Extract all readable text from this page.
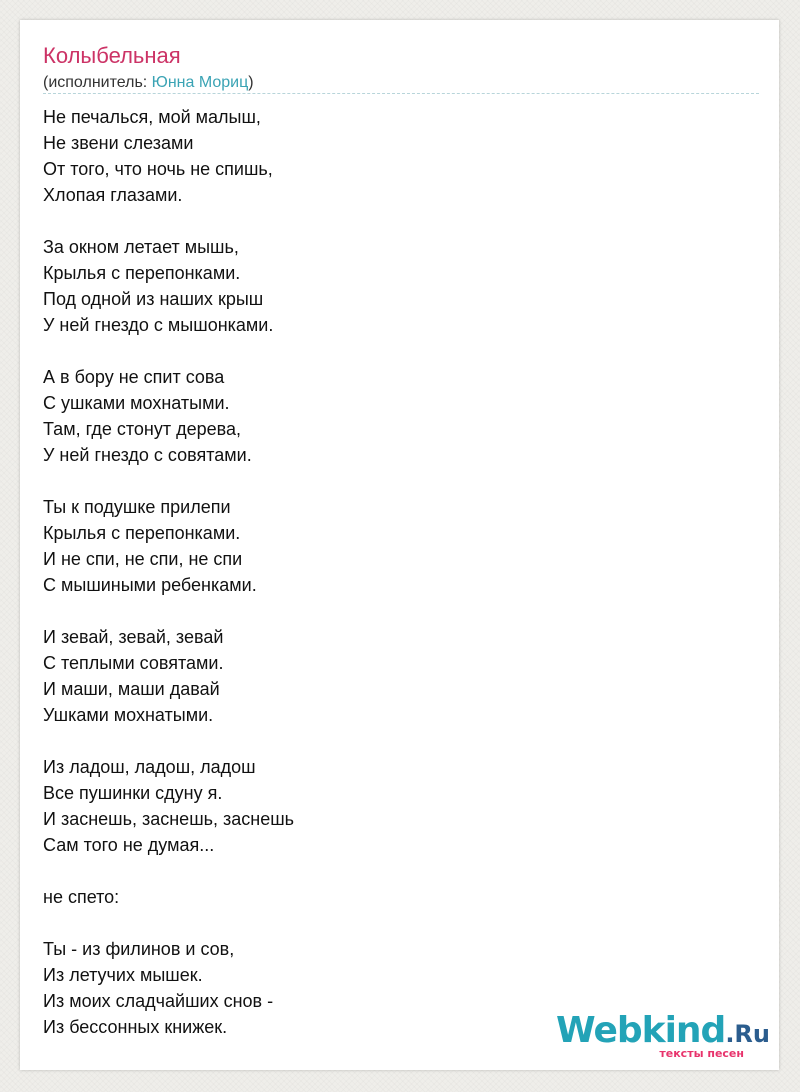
Колыбельная
(исполнитель: Юнна Мориц)
Не печалься, мой малыш,
Не звени слезами
От того, что ночь не спишь,
Хлопая глазами.
За окном летает мышь,
Крылья с перепонками.
Под одной из наших крыш
У ней гнездо с мышонками.
А в бору не спит сова
С ушками мохнатыми.
Там, где стонут дерева,
У ней гнездо с совятами.
Ты к подушке прилепи
Крылья с перепонками.
И не спи, не спи, не спи
С мышиными ребенками.
И зевай, зевай, зевай
С теплыми совятами.
И маши, маши давай
Ушками мохнатыми.
Из ладош, ладош, ладош
Все пушинки сдуну я.
И заснешь, заснешь, заснешь
Сам того не думая...
не спето:
Ты - из филинов и сов,
Из летучих мышек.
Из моих сладчайших снов -
Из бессонных книжек.	Webkind.Ru
тексты песен
